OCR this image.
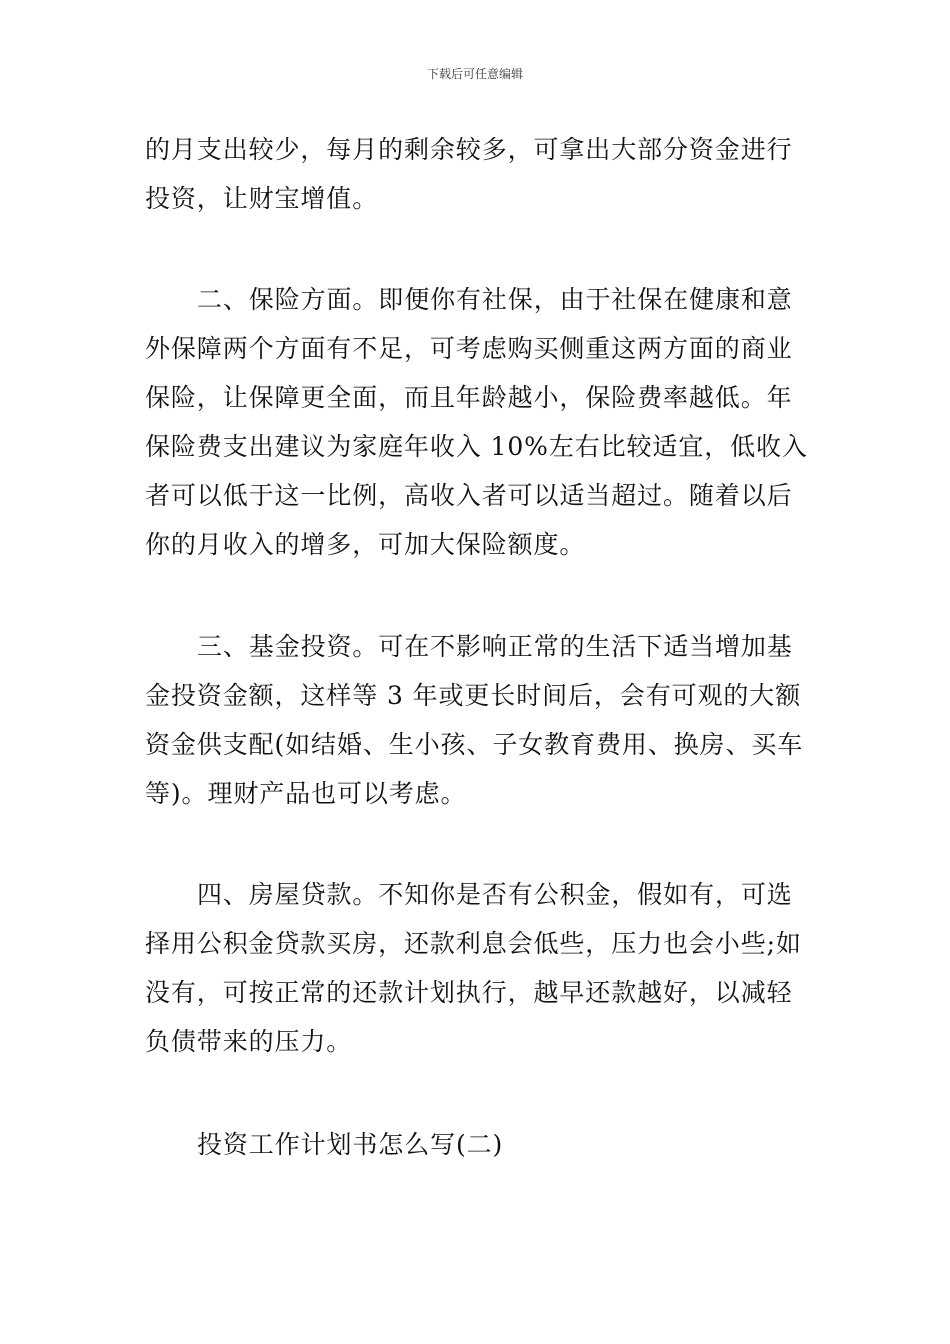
下载后可任意编辑

的月支出较少，每月的剩余较多，可拿出大部分资金进行投资，让财宝增值。

二、保险方面。即便你有社保，由于社保在健康和意外保障两个方面有不足，可考虑购买侧重这两方面的商业保险，让保障更全面，而且年龄越小，保险费率越低。年保险费支出建议为家庭年收入 10%左右比较适宜，低收入者可以低于这一比例，高收入者可以适当超过。随着以后你的月收入的增多，可加大保险额度。

三、基金投资。可在不影响正常的生活下适当增加基金投资金额，这样等 3 年或更长时间后，会有可观的大额资金供支配(如结婚、生小孩、子女教育费用、换房、买车等)。理财产品也可以考虑。

四、房屋贷款。不知你是否有公积金，假如有，可选择用公积金贷款买房，还款利息会低些，压力也会小些;如没有，可按正常的还款计划执行，越早还款越好，以减轻负债带来的压力。

投资工作计划书怎么写(二)
